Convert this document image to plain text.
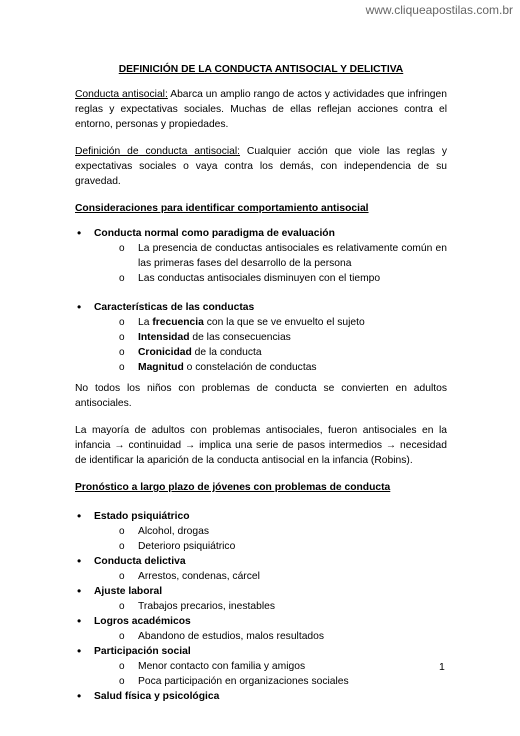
www.cliqueapostilas.com.br
DEFINICIÓN DE LA CONDUCTA ANTISOCIAL Y DELICTIVA

Conducta antisocial: Abarca un amplio rango de actos y actividades que infringen reglas y expectativas sociales. Muchas de ellas reflejan acciones contra el entorno, personas y propiedades.

Definición de conducta antisocial: Cualquier acción que viole las reglas y expectativas sociales o vaya contra los demás, con independencia de su gravedad.

Consideraciones para identificar comportamiento antisocial
• Conducta normal como paradigma de evaluación
o La presencia de conductas antisociales es relativamente común en las primeras fases del desarrollo de la persona
o Las conductas antisociales disminuyen con el tiempo
• Características de las conductas
o La frecuencia con la que se ve envuelto el sujeto
o Intensidad de las consecuencias
o Cronicidad de la conducta
o Magnitud o constelación de conductas

No todos los niños con problemas de conducta se convierten en adultos antisociales.

La mayoría de adultos con problemas antisociales, fueron antisociales en la infancia → continuidad → implica una serie de pasos intermedios → necesidad de identificar la aparición de la conducta antisocial en la infancia (Robins).

Pronóstico a largo plazo de jóvenes con problemas de conducta
• Estado psiquiátrico
o Alcohol, drogas
o Deterioro psiquiátrico
• Conducta delictiva
o Arrestos, condenas, cárcel
• Ajuste laboral
o Trabajos precarios, inestables
• Logros académicos
o Abandono de estudios, malos resultados
• Participación social
o Menor contacto con familia y amigos
o Poca participación en organizaciones sociales
• Salud física y psicológica
1
